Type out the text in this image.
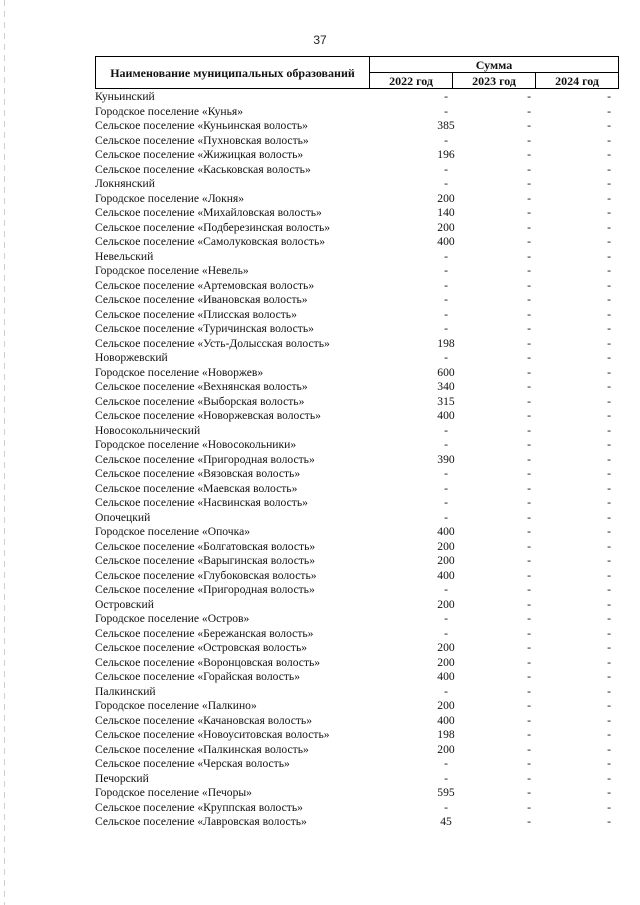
37
Наименование муниципальных образований	Сумма		
	2022 год	2023 год	2024 год
Куньинский	-	-	-
Городское поселение «Кунья»	-	-	-
Сельское поселение «Куньинская волость»	385	-	-
Сельское поселение «Пухновская волость»	-	-	-
Сельское поселение «Жижицкая волость»	196	-	-
Сельское поселение «Каськовская волость»	-	-	-
Локнянский	-	-	-
Городское поселение «Локня»	200	-	-
Сельское поселение «Михайловская волость»	140	-	-
Сельское поселение «Подберезинская волость»	200	-	-
Сельское поселение «Самолуковская волость»	400	-	-
Невельский	-	-	-
Городское поселение «Невель»	-	-	-
Сельское поселение «Артемовская волость»	-	-	-
Сельское поселение «Ивановская волость»	-	-	-
Сельское поселение «Плисская волость»	-	-	-
Сельское поселение «Туричинская волость»	-	-	-
Сельское поселение «Усть-Долысская волость»	198	-	-
Новоржевский	-	-	-
Городское поселение «Новоржев»	600	-	-
Сельское поселение «Вехнянская волость»	340	-	-
Сельское поселение «Выборская волость»	315	-	-
Сельское поселение «Новоржевская волость»	400	-	-
Новосокольнический	-	-	-
Городское поселение «Новосокольники»	-	-	-
Сельское поселение «Пригородная волость»	390	-	-
Сельское поселение «Вязовская волость»	-	-	-
Сельское поселение «Маевская волость»	-	-	-
Сельское поселение «Насвинская волость»	-	-	-
Опочецкий	-	-	-
Городское поселение «Опочка»	400	-	-
Сельское поселение «Болгатовская волость»	200	-	-
Сельское поселение «Варыгинская волость»	200	-	-
Сельское поселение «Глубоковская волость»	400	-	-
Сельское поселение «Пригородная волость»	-	-	-
Островский	200	-	-
Городское поселение «Остров»	-	-	-
Сельское поселение «Бережанская волость»	-	-	-
Сельское поселение «Островская волость»	200	-	-
Сельское поселение «Воронцовская волость»	200	-	-
Сельское поселение «Горайская волость»	400	-	-
Палкинский	-	-	-
Городское поселение «Палкино»	200	-	-
Сельское поселение «Качановская волость»	400	-	-
Сельское поселение «Новоуситовская волость»	198	-	-
Сельское поселение «Палкинская волость»	200	-	-
Сельское поселение «Черская волость»	-	-	-
Печорский	-	-	-
Городское поселение «Печоры»	595	-	-
Сельское поселение «Круппская волость»	-	-	-
Сельское поселение «Лавровская волость»	45	-	-
